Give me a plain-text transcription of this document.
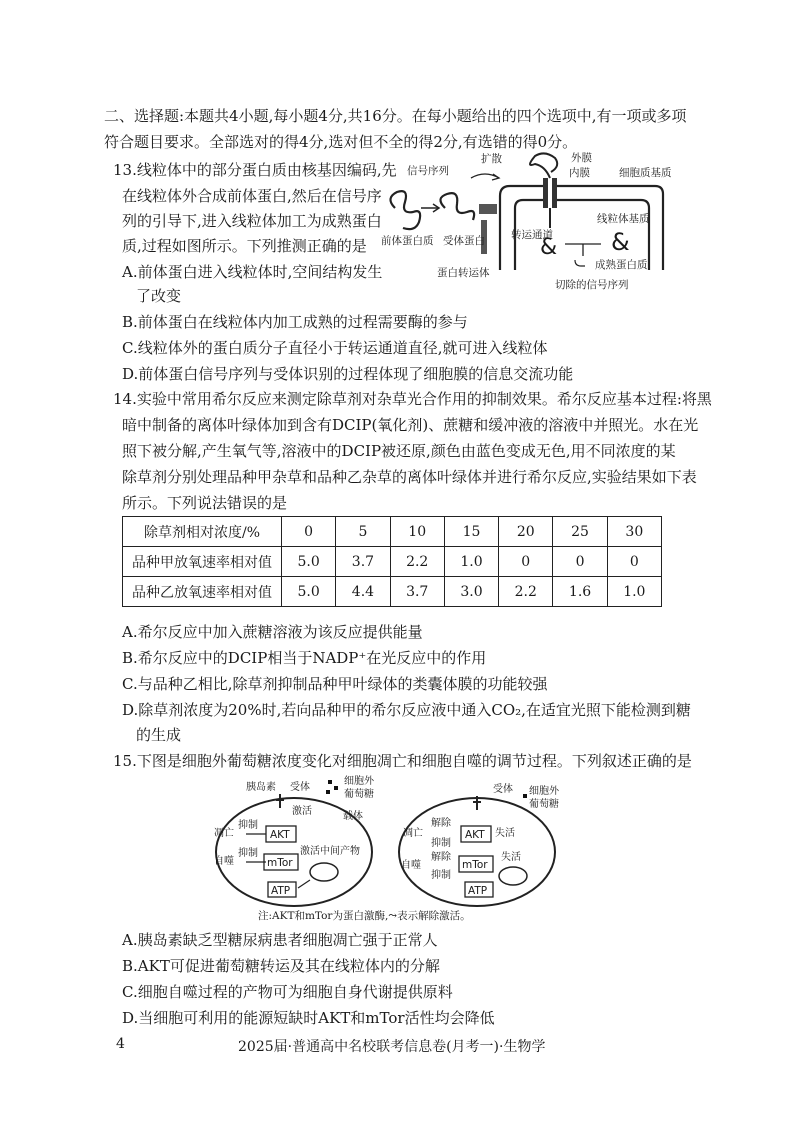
二、选择题:本题共4小题,每小题4分,共16分。在每小题给出的四个选项中,有一项或多项
符合题目要求。全部选对的得4分,选对但不全的得2分,有选错的得0分。
13.线粒体中的部分蛋白质由核基因编码,先
在线粒体外合成前体蛋白,然后在信号序
列的引导下,进入线粒体加工为成熟蛋白
质,过程如图所示。下列推测正确的是
A.前体蛋白进入线粒体时,空间结构发生
了改变
B.前体蛋白在线粒体内加工成熟的过程需要酶的参与
C.线粒体外的蛋白质分子直径小于转运通道直径,就可进入线粒体
D.前体蛋白信号序列与受体识别的过程体现了细胞膜的信息交流功能
& &
信号序列
扩散	外膜
内膜	细胞质基质
线粒体基质
前体蛋白质 受体蛋白 转运通道
成熟蛋白质
蛋白转运体
切除的信号序列
14.实验中常用希尔反应来测定除草剂对杂草光合作用的抑制效果。希尔反应基本过程:将黑
暗中制备的离体叶绿体加到含有DCIP(氧化剂)、蔗糖和缓冲液的溶液中并照光。水在光
照下被分解,产生氧气等,溶液中的DCIP被还原,颜色由蓝色变成无色,用不同浓度的某
除草剂分别处理品种甲杂草和品种乙杂草的离体叶绿体并进行希尔反应,实验结果如下表
所示。下列说法错误的是
除草剂相对浓度/%	0	5	10	15	20	25	30
品种甲放氧速率相对值	5.0	3.7	2.2	1.0	0	0	0
品种乙放氧速率相对值	5.0	4.4	3.7	3.0	2.2	1.6	1.0
A.希尔反应中加入蔗糖溶液为该反应提供能量
B.希尔反应中的DCIP相当于NADP⁺在光反应中的作用
C.与品种乙相比,除草剂抑制品种甲叶绿体的类囊体膜的功能较强
D.除草剂浓度为20%时,若向品种甲的希尔反应液中通入CO₂,在适宜光照下能检测到糖
的生成
15.下图是细胞外葡萄糖浓度变化对细胞凋亡和细胞自噬的调节过程。下列叙述正确的是
胰岛素 受体
细胞外
葡萄糖
激活	载体
抑制
凋亡	AKT
激活中间产物
抑制
自噬	mTor
ATP
受体 细胞外
葡萄糖
解除
凋亡
抑制
AKT 失活
解除
自噬
抑制
mTor
失活
ATP
注:AKT和mTor为蛋白激酶,⤳表示解除激活。
A.胰岛素缺乏型糖尿病患者细胞凋亡强于正常人
B.AKT可促进葡萄糖转运及其在线粒体内的分解
C.细胞自噬过程的产物可为细胞自身代谢提供原料
D.当细胞可利用的能源短缺时AKT和mTor活性均会降低
4	2025届·普通高中名校联考信息卷(月考一)·生物学
